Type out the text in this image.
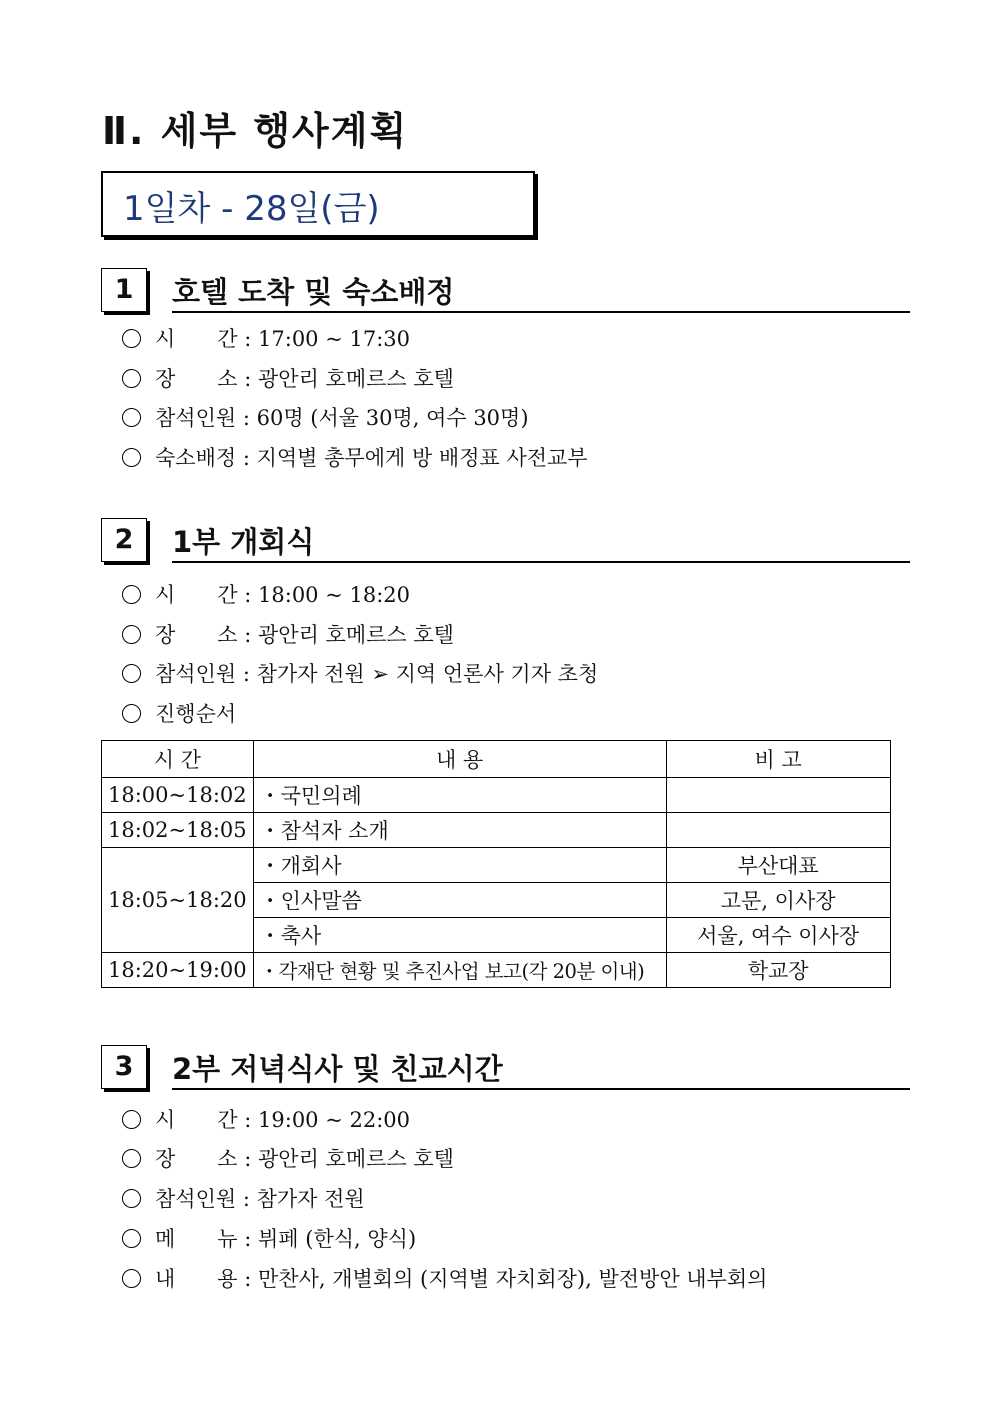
Ⅱ. 세부 행사계획
1일차 - 28일(금)
1	호텔 도착 및 숙소배정
시　　간 : 17:00 ~ 17:30
장　　소 : 광안리 호메르스 호텔
참석인원 : 60명 (서울 30명, 여수 30명)
숙소배정 : 지역별 총무에게 방 배정표 사전교부
2	1부 개회식
시　　간 : 18:00 ~ 18:20
장　　소 : 광안리 호메르스 호텔
참석인원 : 참가자 전원 ➢ 지역 언론사 기자 초청
진행순서
시 간	내 용	비 고
18:00~18:02	・국민의례	
18:02~18:05	・참석자 소개	
18:05~18:20	・개회사	부산대표
	・인사말씀	고문, 이사장
	・축사	서울, 여수 이사장
18:20~19:00	・각재단 현황 및 추진사업 보고(각 20분 이내)	학교장
3	2부 저녁식사 및 친교시간
시　　간 : 19:00 ~ 22:00
장　　소 : 광안리 호메르스 호텔
참석인원 : 참가자 전원
메　　뉴 : 뷔페 (한식, 양식)
내　　용 : 만찬사, 개별회의 (지역별 자치회장), 발전방안 내부회의
